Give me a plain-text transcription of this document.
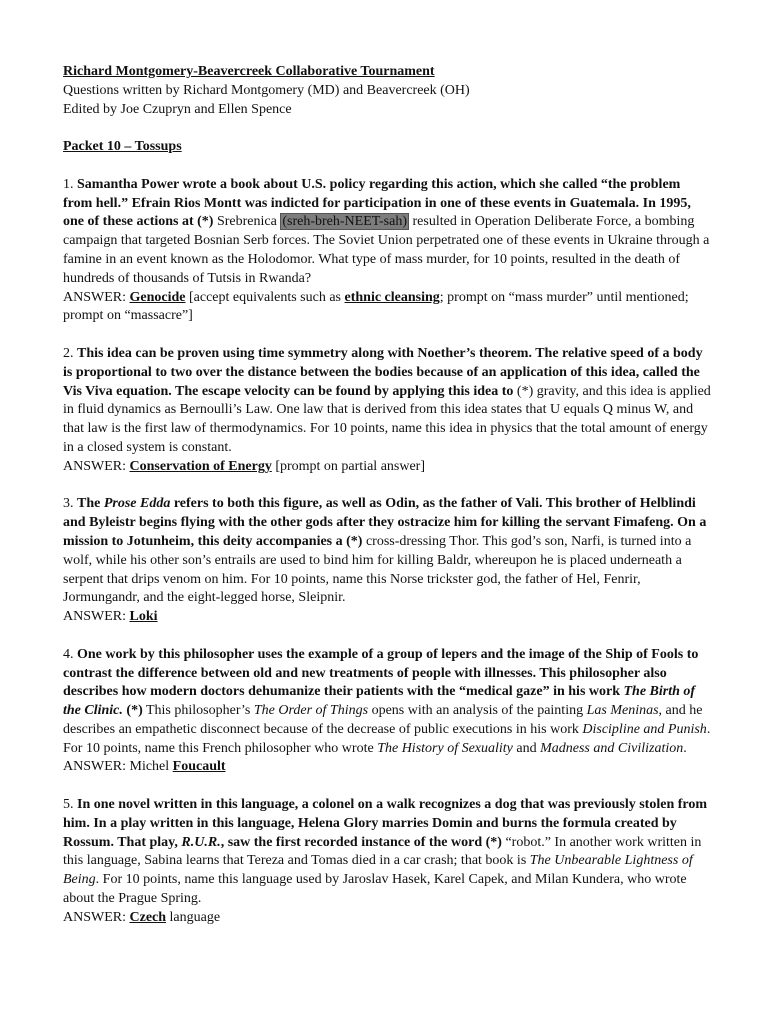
Richard Montgomery-Beavercreek Collaborative Tournament
Questions written by Richard Montgomery (MD) and Beavercreek (OH)
Edited by Joe Czupryn and Ellen Spence
Packet 10 – Tossups
1. Samantha Power wrote a book about U.S. policy regarding this action, which she called “the problem
from hell.” Efrain Rios Montt was indicted for participation in one of these events in Guatemala. In 1995,
one of these actions at (*) Srebrenica (sreh-breh-NEET-sah) resulted in Operation Deliberate Force, a bombing
campaign that targeted Bosnian Serb forces. The Soviet Union perpetrated one of these events in Ukraine through a
famine in an event known as the Holodomor. What type of mass murder, for 10 points, resulted in the death of
hundreds of thousands of Tutsis in Rwanda?
ANSWER: Genocide [accept equivalents such as ethnic cleansing; prompt on “mass murder” until mentioned;
prompt on “massacre”]
2. This idea can be proven using time symmetry along with Noether’s theorem. The relative speed of a body
is proportional to two over the distance between the bodies because of an application of this idea, called the
Vis Viva equation. The escape velocity can be found by applying this idea to (*) gravity, and this idea is applied
in fluid dynamics as Bernoulli’s Law. One law that is derived from this idea states that U equals Q minus W, and
that law is the first law of thermodynamics. For 10 points, name this idea in physics that the total amount of energy
in a closed system is constant.
ANSWER: Conservation of Energy [prompt on partial answer]
3. The Prose Edda refers to both this figure, as well as Odin, as the father of Vali. This brother of Helblindi
and Byleistr begins flying with the other gods after they ostracize him for killing the servant Fimafeng. On a
mission to Jotunheim, this deity accompanies a (*) cross-dressing Thor. This god’s son, Narfi, is turned into a
wolf, while his other son’s entrails are used to bind him for killing Baldr, whereupon he is placed underneath a
serpent that drips venom on him. For 10 points, name this Norse trickster god, the father of Hel, Fenrir,
Jormungandr, and the eight-legged horse, Sleipnir.
ANSWER: Loki
4. One work by this philosopher uses the example of a group of lepers and the image of the Ship of Fools to
contrast the difference between old and new treatments of people with illnesses. This philosopher also
describes how modern doctors dehumanize their patients with the “medical gaze” in his work The Birth of
the Clinic. (*) This philosopher’s The Order of Things opens with an analysis of the painting Las Meninas, and he
describes an empathetic disconnect because of the decrease of public executions in his work Discipline and Punish.
For 10 points, name this French philosopher who wrote The History of Sexuality and Madness and Civilization.
ANSWER: Michel Foucault
5. In one novel written in this language, a colonel on a walk recognizes a dog that was previously stolen from
him. In a play written in this language, Helena Glory marries Domin and burns the formula created by
Rossum. That play, R.U.R., saw the first recorded instance of the word (*) “robot.” In another work written in
this language, Sabina learns that Tereza and Tomas died in a car crash; that book is The Unbearable Lightness of
Being. For 10 points, name this language used by Jaroslav Hasek, Karel Capek, and Milan Kundera, who wrote
about the Prague Spring.
ANSWER: Czech language
